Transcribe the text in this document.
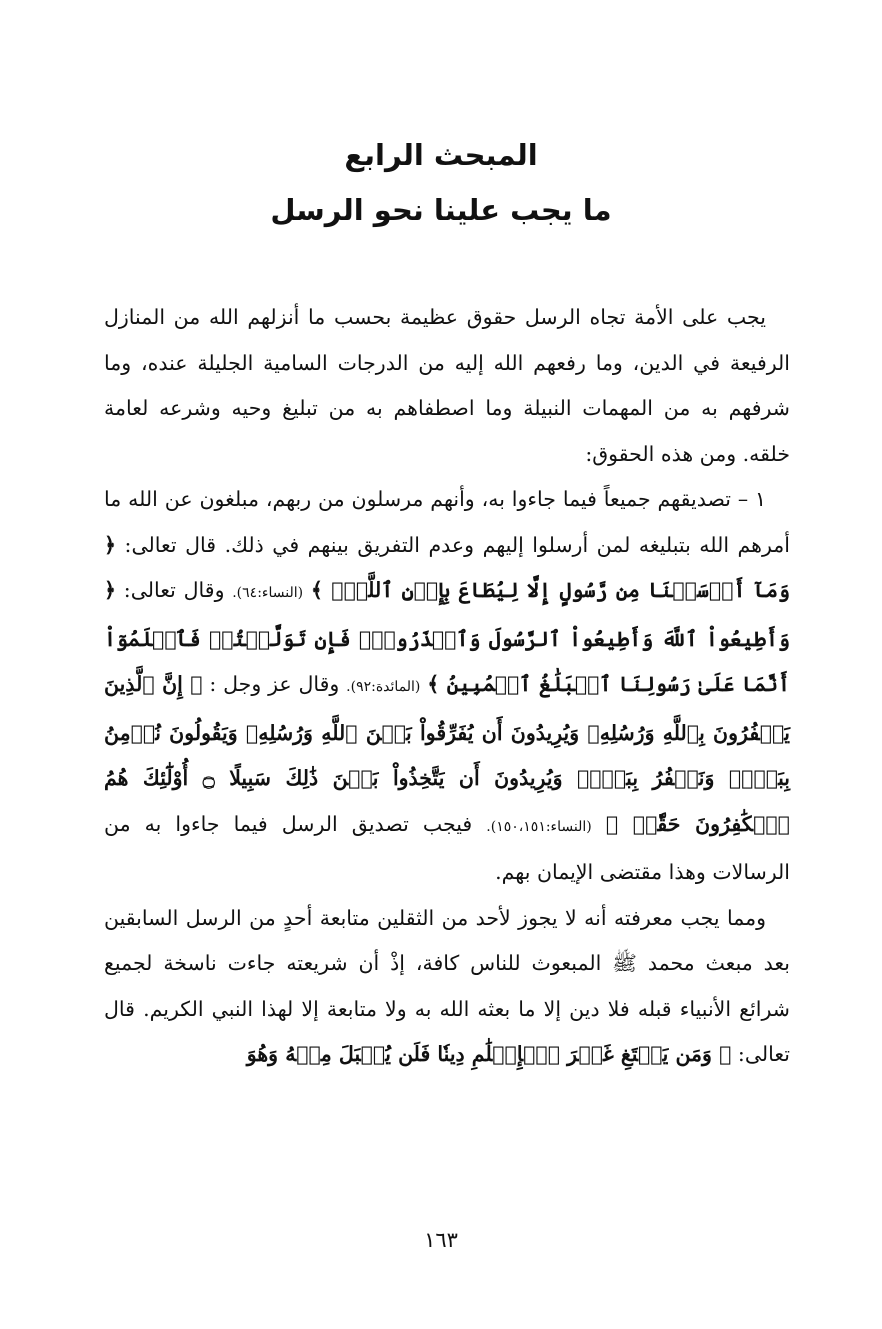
المبحث الرابع
ما يجب علينا نحو الرسل

يجب على الأمة تجاه الرسل حقوق عظيمة بحسب ما أنزلهم الله من المنازل الرفيعة في الدين، وما رفعهم الله إليه من الدرجات السامية الجليلة عنده، وما شرفهم به من المهمات النبيلة وما اصطفاهم به من تبليغ وحيه وشرعه لعامة خلقه. ومن هذه الحقوق:

١ – تصديقهم جميعاً فيما جاءوا به، وأنهم مرسلون من ربهم، مبلغون عن الله ما أمرهم الله بتبليغه لمن أرسلوا إليهم وعدم التفريق بينهم في ذلك. قال تعالى: ﴿ وَمَآ أَرۡسَلۡنَا مِن رَّسُولٍ إِلَّا لِيُطَاعَ بِإِذۡنِ ٱللَّهِۚ ﴾ (النساء:٦٤). وقال تعالى: ﴿ وَأَطِيعُواْ ٱللَّهَ وَأَطِيعُواْ ٱلرَّسُولَ وَٱحۡذَرُواْۚ فَإِن تَوَلَّيۡتُمۡ فَٱعۡلَمُوٓاْ أَنَّمَا عَلَىٰ رَسُولِنَا ٱلۡبَلَٰغُ ٱلۡمُبِينُ ﴾ (المائدة:٩٢). وقال عز وجل : ﴿ إِنَّ ٱلَّذِينَ يَكۡفُرُونَ بِٱللَّهِ وَرُسُلِهِۦ وَيُرِيدُونَ أَن يُفَرِّقُواْ بَيۡنَ ٱللَّهِ وَرُسُلِهِۦ وَيَقُولُونَ نُؤۡمِنُ بِبَعۡضٖ وَنَكۡفُرُ بِبَعۡضٖ وَيُرِيدُونَ أَن يَتَّخِذُواْ بَيۡنَ ذَٰلِكَ سَبِيلًا ۝ أُوْلَٰٓئِكَ هُمُ ٱلۡكَٰفِرُونَ حَقّٗاۚ ﴾ (النساء:١٥٠،١٥١). فيجب تصديق الرسل فيما جاءوا به من الرسالات وهذا مقتضى الإيمان بهم.

ومما يجب معرفته أنه لا يجوز لأحد من الثقلين متابعة أحدٍ من الرسل السابقين بعد مبعث محمد ﷺ المبعوث للناس كافة، إذْ أن شريعته جاءت ناسخة لجميع شرائع الأنبياء قبله فلا دين إلا ما بعثه الله به ولا متابعة إلا لهذا النبي الكريم. قال تعالى: ﴿ وَمَن يَبۡتَغِ غَيۡرَ ٱلۡإِسۡلَٰمِ دِينٗا فَلَن يُقۡبَلَ مِنۡهُ وَهُوَ

١٦٣
